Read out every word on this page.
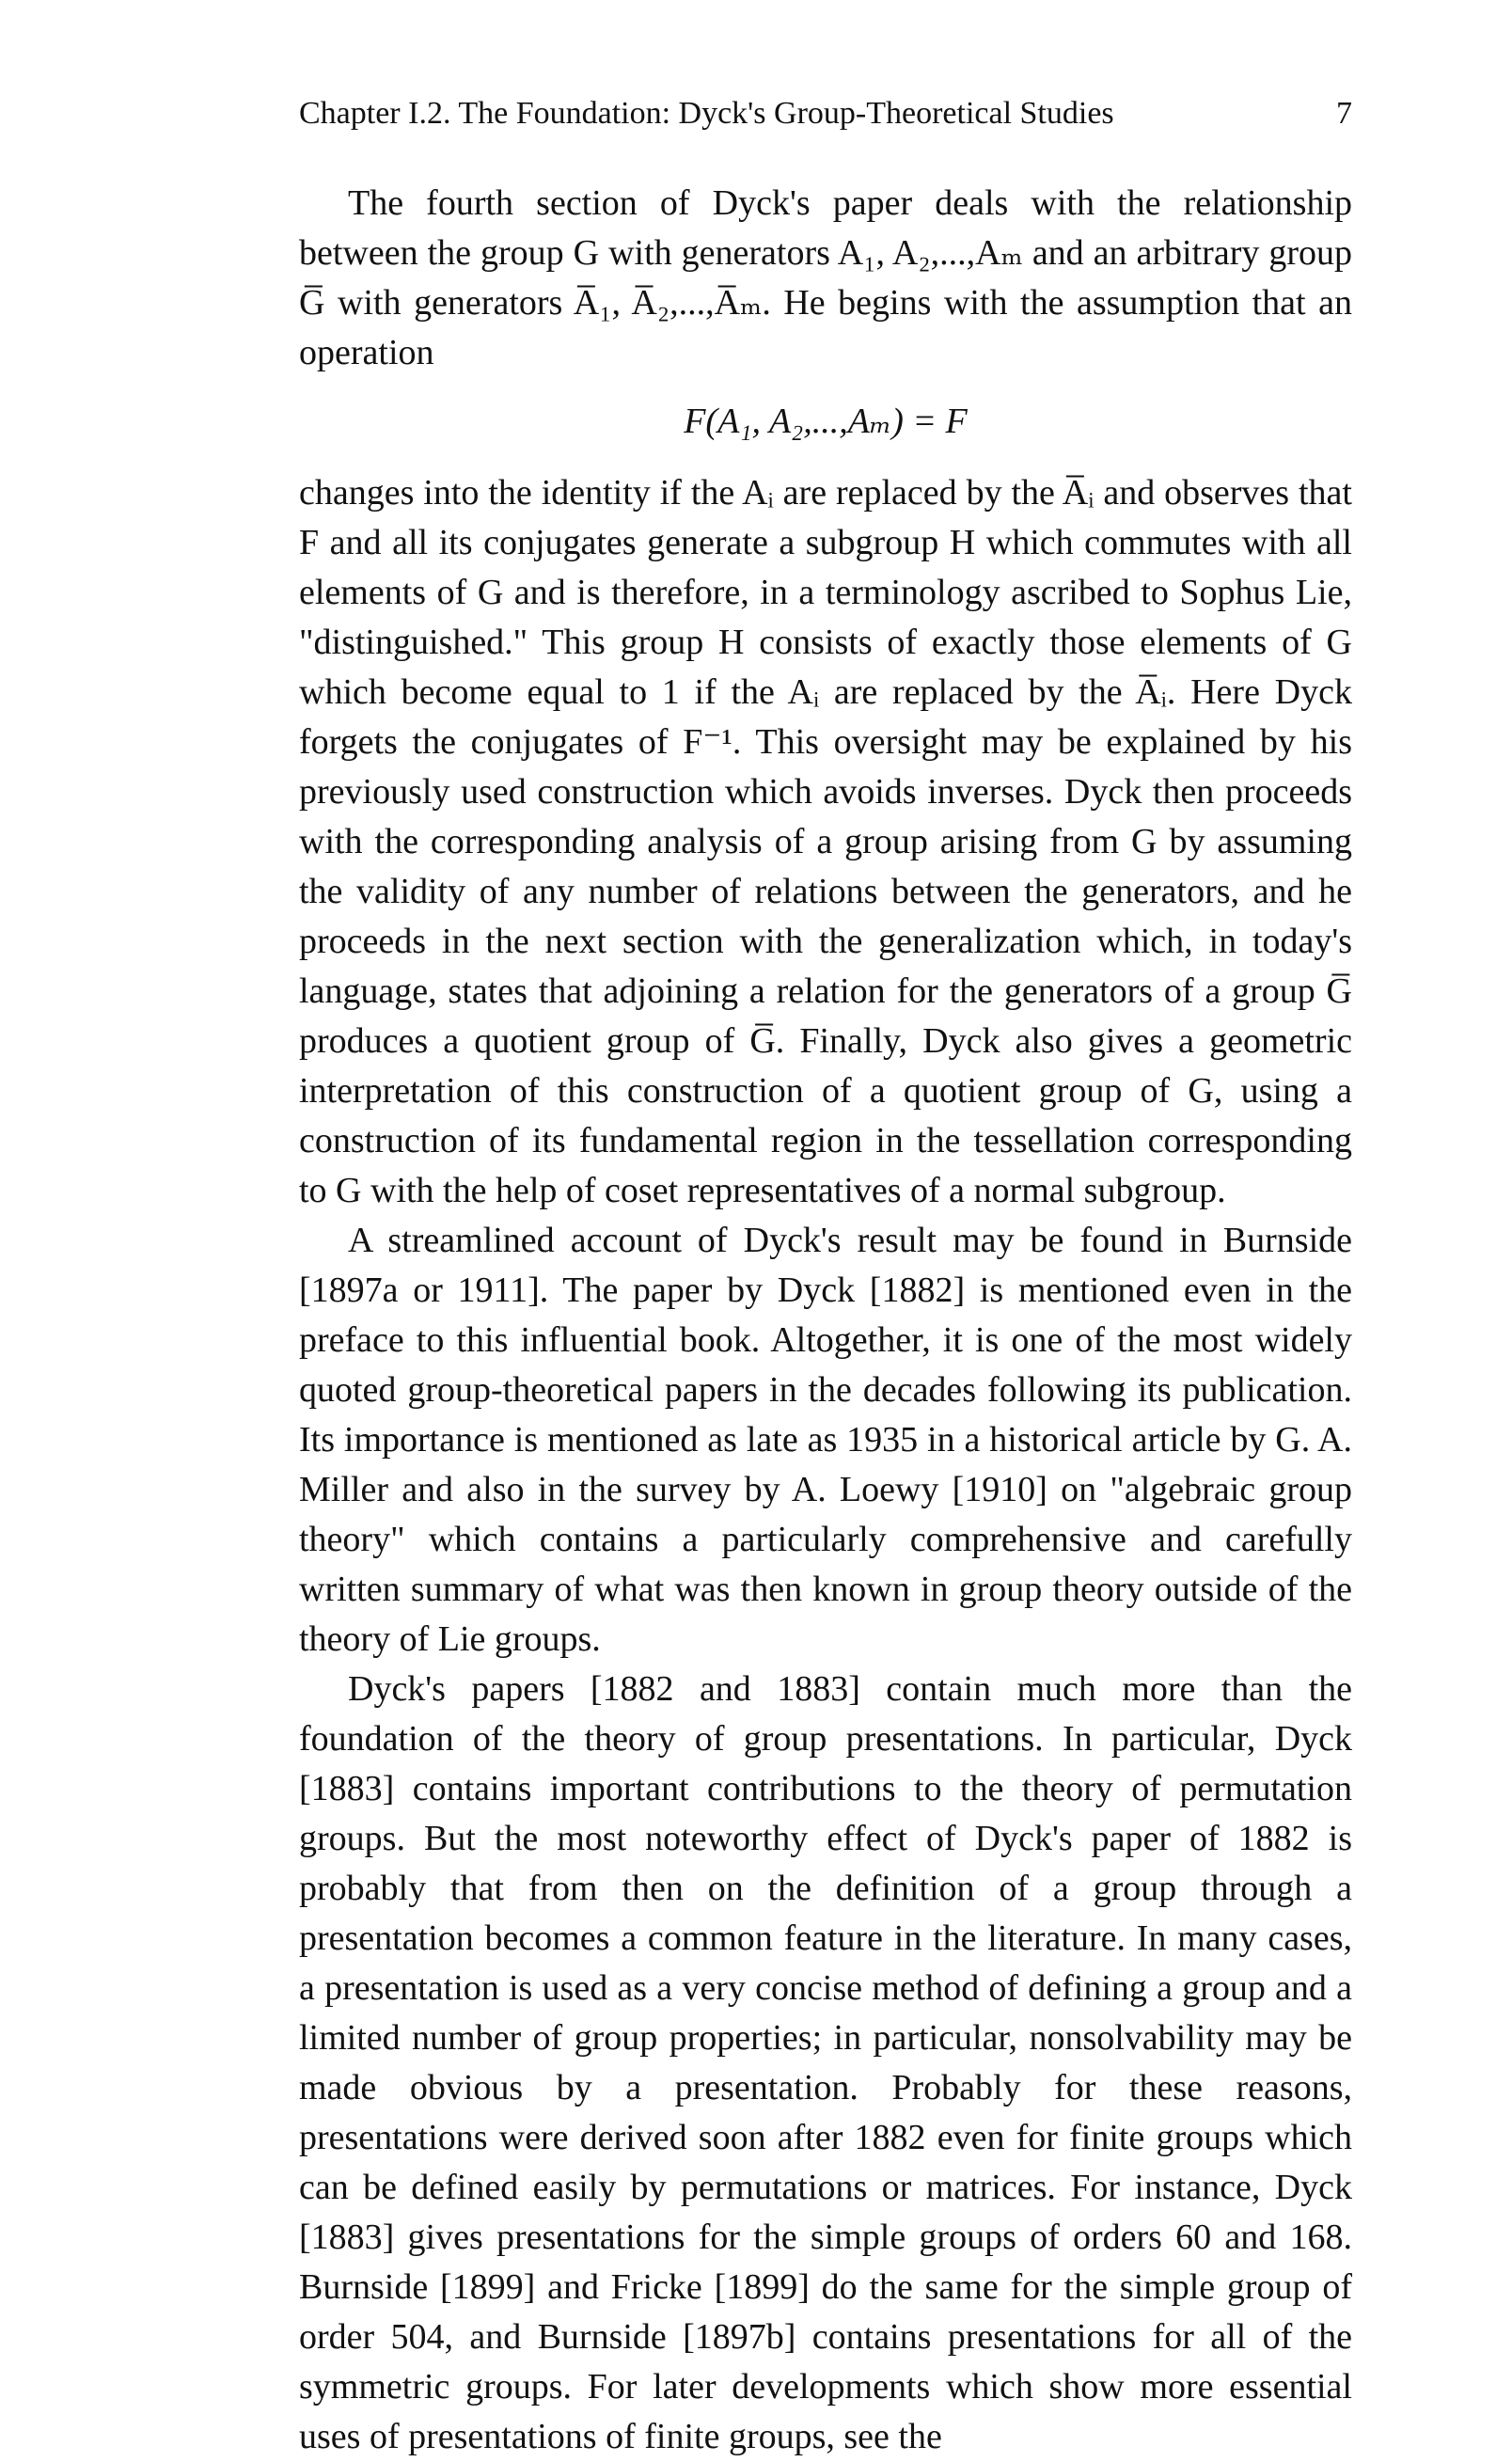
Chapter I.2. The Foundation: Dyck's Group-Theoretical Studies	7

The fourth section of Dyck's paper deals with the relationship between the group G with generators A₁, A₂,...,Aₘ and an arbitrary group G̅ with generators A̅₁, A̅₂,...,A̅ₘ. He begins with the assumption that an operation

F(A₁, A₂,...,Aₘ) = F

changes into the identity if the Aᵢ are replaced by the A̅ᵢ and observes that F and all its conjugates generate a subgroup H which commutes with all elements of G and is therefore, in a terminology ascribed to Sophus Lie, "distinguished." This group H consists of exactly those elements of G which become equal to 1 if the Aᵢ are replaced by the A̅ᵢ. Here Dyck forgets the conjugates of F⁻¹. This oversight may be explained by his previously used construction which avoids inverses. Dyck then proceeds with the corresponding analysis of a group arising from G by assuming the validity of any number of relations between the generators, and he proceeds in the next section with the generalization which, in today's language, states that adjoining a relation for the generators of a group G̅ produces a quotient group of G̅. Finally, Dyck also gives a geometric interpretation of this construction of a quotient group of G, using a construction of its fundamental region in the tessellation corresponding to G with the help of coset representatives of a normal subgroup.

A streamlined account of Dyck's result may be found in Burnside [1897a or 1911]. The paper by Dyck [1882] is mentioned even in the preface to this influential book. Altogether, it is one of the most widely quoted group-theoretical papers in the decades following its publication. Its importance is mentioned as late as 1935 in a historical article by G. A. Miller and also in the survey by A. Loewy [1910] on "algebraic group theory" which contains a particularly comprehensive and carefully written summary of what was then known in group theory outside of the theory of Lie groups.

Dyck's papers [1882 and 1883] contain much more than the foundation of the theory of group presentations. In particular, Dyck [1883] contains important contributions to the theory of permutation groups. But the most noteworthy effect of Dyck's paper of 1882 is probably that from then on the definition of a group through a presentation becomes a common feature in the literature. In many cases, a presentation is used as a very concise method of defining a group and a limited number of group properties; in particular, nonsolvability may be made obvious by a presentation. Probably for these reasons, presentations were derived soon after 1882 even for finite groups which can be defined easily by permutations or matrices. For instance, Dyck [1883] gives presentations for the simple groups of orders 60 and 168. Burnside [1899] and Fricke [1899] do the same for the simple group of order 504, and Burnside [1897b] contains presentations for all of the symmetric groups. For later developments which show more essential uses of presentations of finite groups, see the
